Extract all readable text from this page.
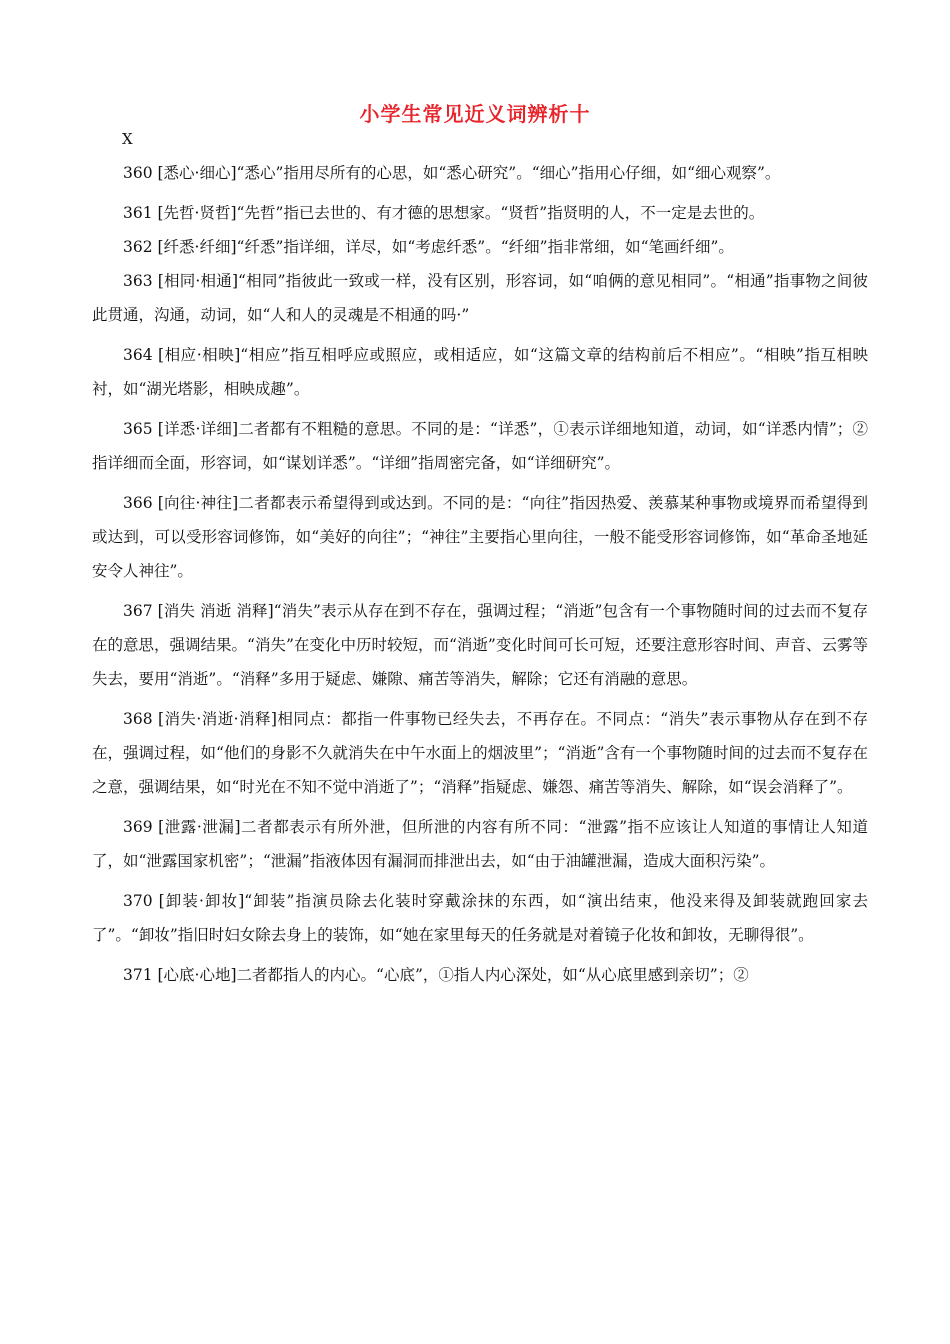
小学生常见近义词辨析十
X

360 [悉心·细心]“悉心”指用尽所有的心思，如“悉心研究”。“细心”指用心仔细，如“细心观察”。

361 [先哲·贤哲]“先哲”指已去世的、有才德的思想家。“贤哲”指贤明的人，不一定是去世的。

362 [纤悉·纤细]“纤悉”指详细，详尽，如“考虑纤悉”。“纤细”指非常细，如“笔画纤细”。

363 [相同·相通]“相同”指彼此一致或一样，没有区别，形容词，如“咱俩的意见相同”。“相通”指事物之间彼此贯通，沟通，动词，如“人和人的灵魂是不相通的吗·”

364 [相应·相映]“相应”指互相呼应或照应，或相适应，如“这篇文章的结构前后不相应”。“相映”指互相映衬，如“湖光塔影，相映成趣”。

365 [详悉·详细]二者都有不粗糙的意思。不同的是：“详悉”，①表示详细地知道，动词，如“详悉内情”；②指详细而全面，形容词，如“谋划详悉”。“详细”指周密完备，如“详细研究”。

366 [向往·神往]二者都表示希望得到或达到。不同的是：“向往”指因热爱、羡慕某种事物或境界而希望得到或达到，可以受形容词修饰，如“美好的向往”；“神往”主要指心里向往，一般不能受形容词修饰，如“革命圣地延安令人神往”。

367 [消失 消逝 消释]“消失”表示从存在到不存在，强调过程；“消逝”包含有一个事物随时间的过去而不复存在的意思，强调结果。“消失”在变化中历时较短，而“消逝”变化时间可长可短，还要注意形容时间、声音、云雾等失去，要用“消逝”。“消释”多用于疑虑、嫌隙、痛苦等消失，解除；它还有消融的意思。

368 [消失·消逝·消释]相同点：都指一件事物已经失去，不再存在。不同点：“消失”表示事物从存在到不存在，强调过程，如“他们的身影不久就消失在中午水面上的烟波里”；“消逝”含有一个事物随时间的过去而不复存在之意，强调结果，如“时光在不知不觉中消逝了”；“消释”指疑虑、嫌怨、痛苦等消失、解除，如“误会消释了”。

369 [泄露·泄漏]二者都表示有所外泄，但所泄的内容有所不同：“泄露”指不应该让人知道的事情让人知道了，如“泄露国家机密”；“泄漏”指液体因有漏洞而排泄出去，如“由于油罐泄漏，造成大面积污染”。

370 [卸装·卸妆]“卸装”指演员除去化装时穿戴涂抹的东西，如“演出结束，他没来得及卸装就跑回家去了”。“卸妆”指旧时妇女除去身上的装饰，如“她在家里每天的任务就是对着镜子化妆和卸妆，无聊得很”。

371 [心底·心地]二者都指人的内心。“心底”，①指人内心深处，如“从心底里感到亲切”；②
